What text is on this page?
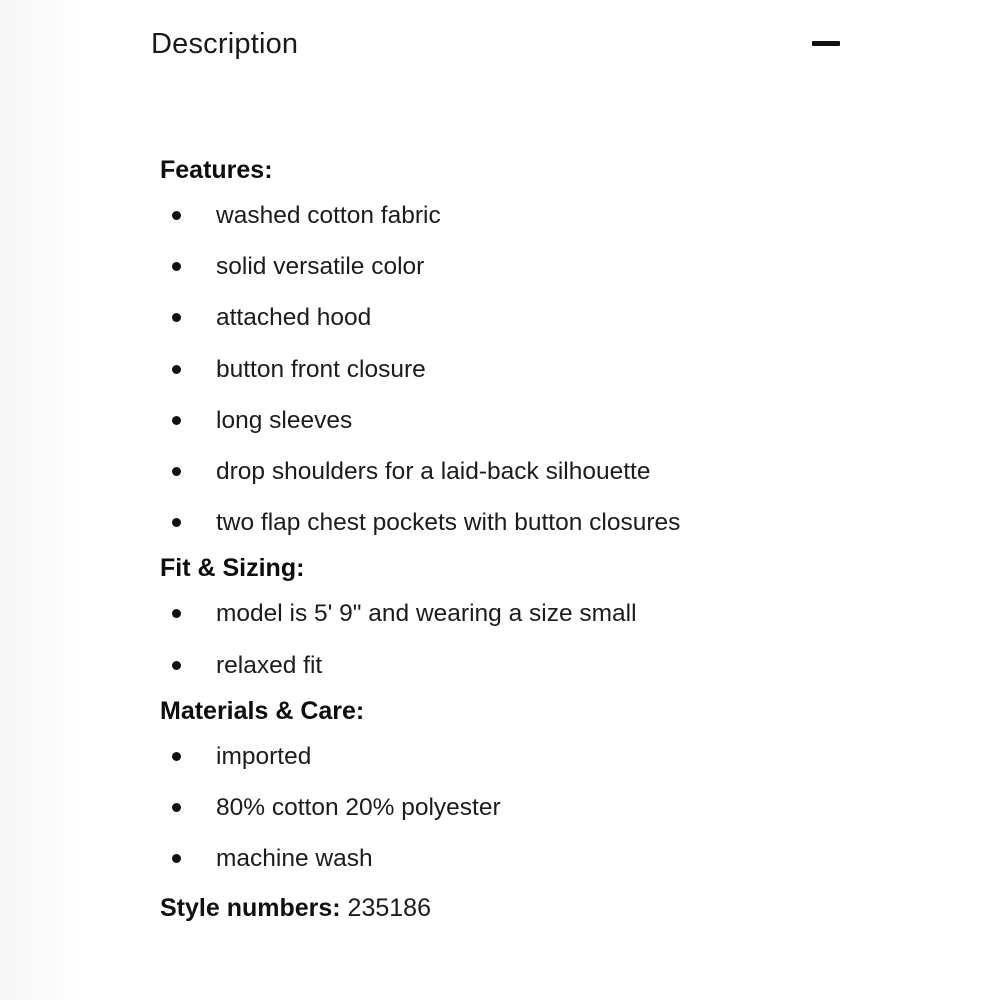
Description
Features:
washed cotton fabric
solid versatile color
attached hood
button front closure
long sleeves
drop shoulders for a laid-back silhouette
two flap chest pockets with button closures
Fit & Sizing:
model is 5' 9" and wearing a size small
relaxed fit
Materials & Care:
imported
80% cotton 20% polyester
machine wash
Style numbers: 235186
